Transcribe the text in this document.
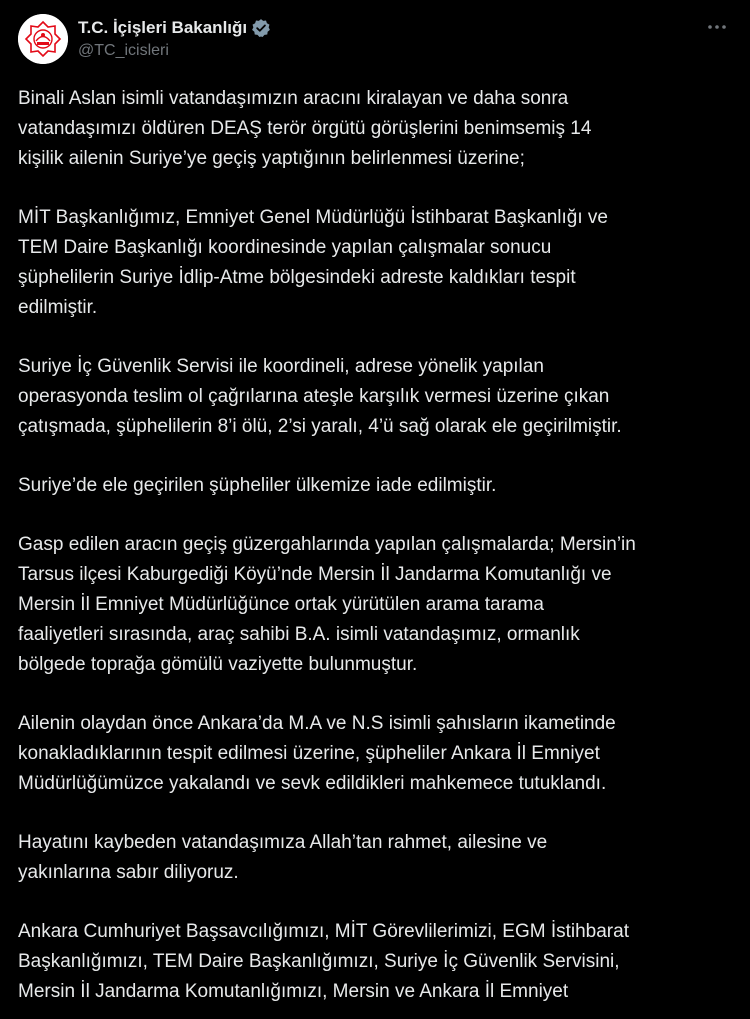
T.C. İçişleri Bakanlığı
@TC_icisleri

Binali Aslan isimli vatandaşımızın aracını kiralayan ve daha sonra
vatandaşımızı öldüren DEAŞ terör örgütü görüşlerini benimsemiş 14
kişilik ailenin Suriye’ye geçiş yaptığının belirlenmesi üzerine;

MİT Başkanlığımız, Emniyet Genel Müdürlüğü İstihbarat Başkanlığı ve
TEM Daire Başkanlığı koordinesinde yapılan çalışmalar sonucu
şüphelilerin Suriye İdlip-Atme bölgesindeki adreste kaldıkları tespit
edilmiştir.

Suriye İç Güvenlik Servisi ile koordineli, adrese yönelik yapılan
operasyonda teslim ol çağrılarına ateşle karşılık vermesi üzerine çıkan
çatışmada, şüphelilerin 8’i ölü, 2’si yaralı, 4’ü sağ olarak ele geçirilmiştir.

Suriye’de ele geçirilen şüpheliler ülkemize iade edilmiştir.

Gasp edilen aracın geçiş güzergahlarında yapılan çalışmalarda; Mersin’in
Tarsus ilçesi Kaburgediği Köyü’nde Mersin İl Jandarma Komutanlığı ve
Mersin İl Emniyet Müdürlüğünce ortak yürütülen arama tarama
faaliyetleri sırasında, araç sahibi B.A. isimli vatandaşımız, ormanlık
bölgede toprağa gömülü vaziyette bulunmuştur.

Ailenin olaydan önce Ankara’da M.A ve N.S isimli şahısların ikametinde
konakladıklarının tespit edilmesi üzerine, şüpheliler Ankara İl Emniyet
Müdürlüğümüzce yakalandı ve sevk edildikleri mahkemece tutuklandı.

Hayatını kaybeden vatandaşımıza Allah’tan rahmet, ailesine ve
yakınlarına sabır diliyoruz.

Ankara Cumhuriyet Başsavcılığımızı, MİT Görevlilerimizi, EGM İstihbarat
Başkanlığımızı, TEM Daire Başkanlığımızı, Suriye İç Güvenlik Servisini,
Mersin İl Jandarma Komutanlığımızı, Mersin ve Ankara İl Emniyet
